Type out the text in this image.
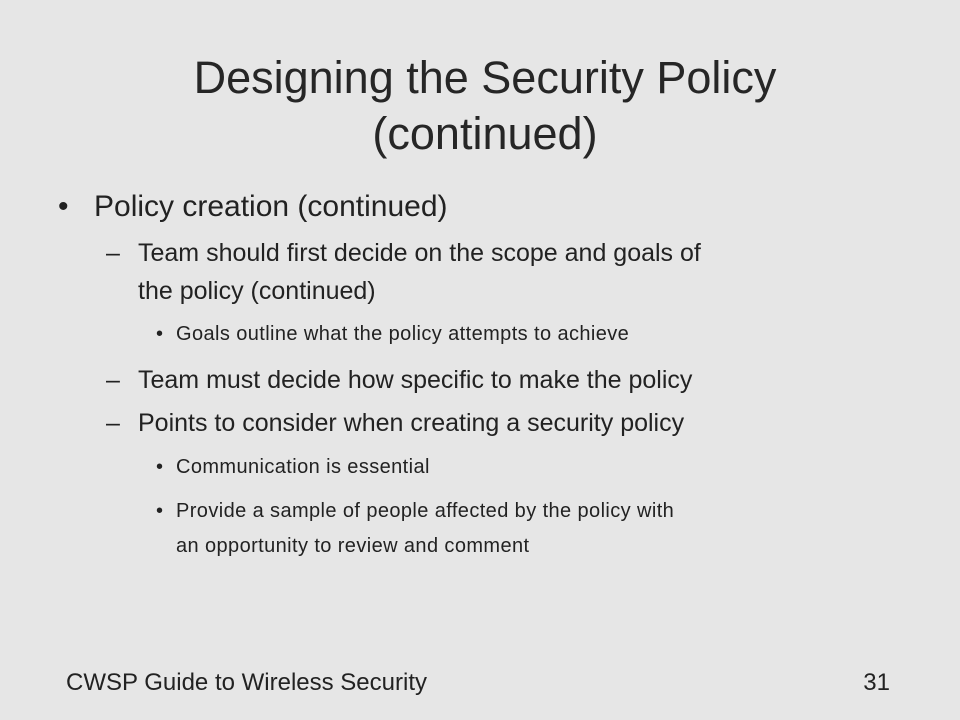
Designing the Security Policy
(continued)
• Policy creation (continued)
– Team should first decide on the scope and goals of
the policy (continued)
• Goals outline what the policy attempts to achieve
– Team must decide how specific to make the policy
– Points to consider when creating a security policy
• Communication is essential
• Provide a sample of people affected by the policy with
an opportunity to review and comment
CWSP Guide to Wireless Security	31
